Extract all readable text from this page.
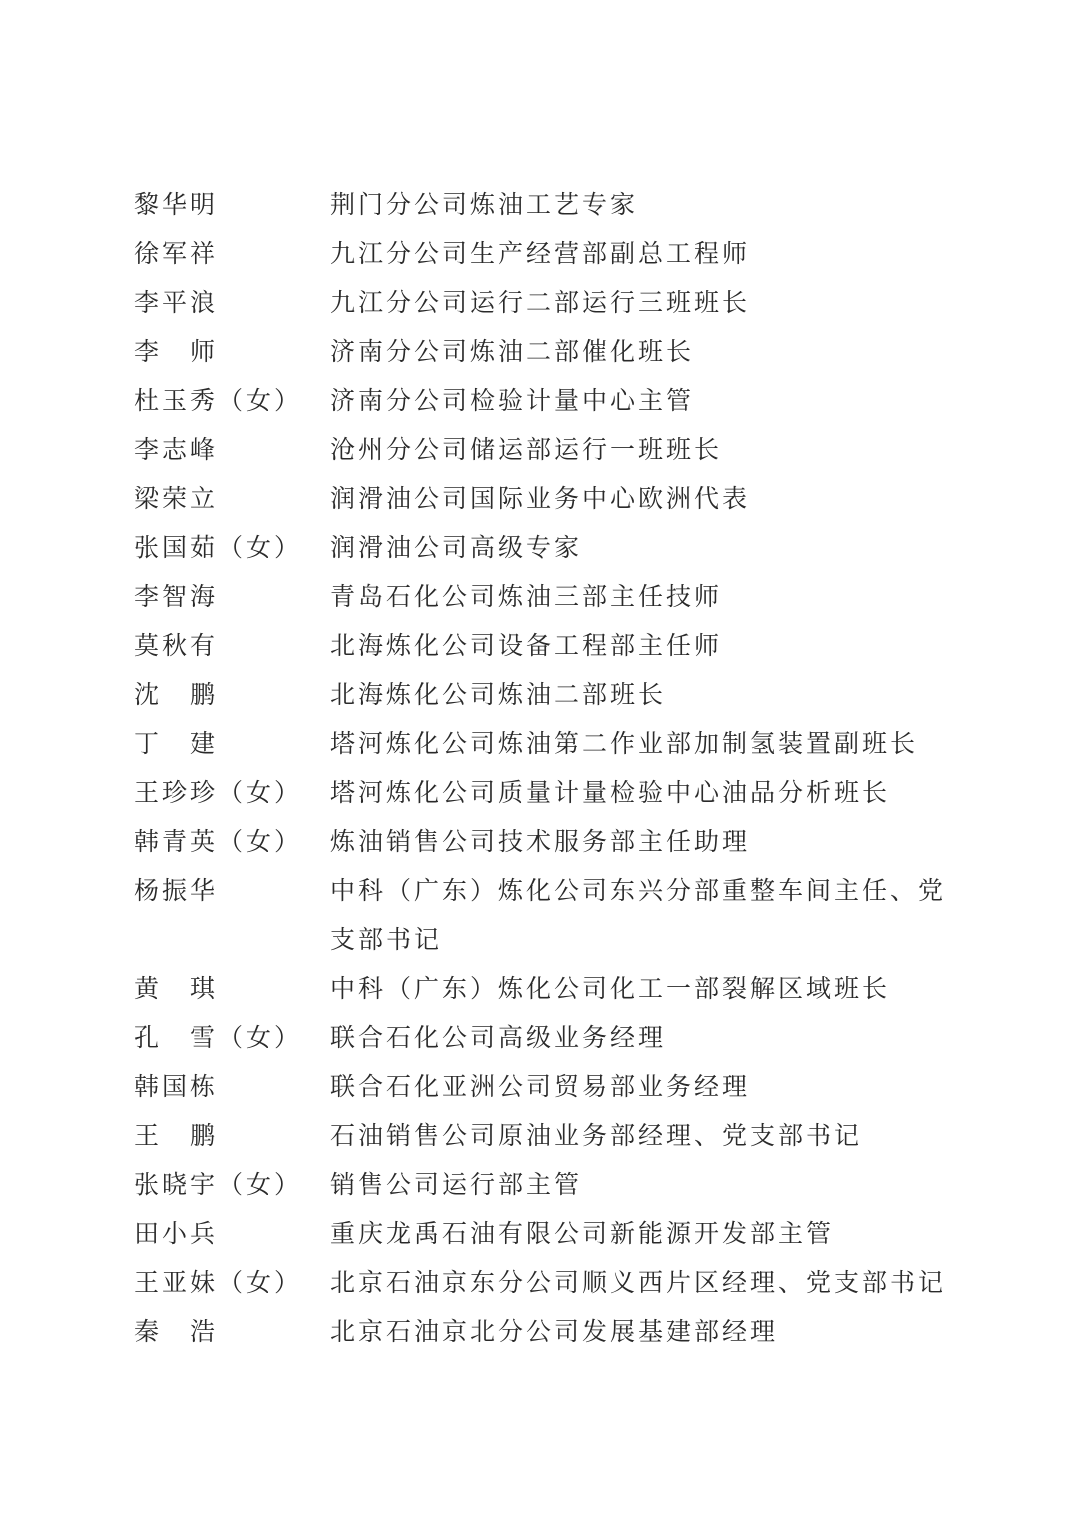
黎华明	荆门分公司炼油工艺专家
徐军祥	九江分公司生产经营部副总工程师
李平浪	九江分公司运行二部运行三班班长
李　师	济南分公司炼油二部催化班长
杜玉秀（女）	济南分公司检验计量中心主管
李志峰	沧州分公司储运部运行一班班长
梁荣立	润滑油公司国际业务中心欧洲代表
张国茹（女）	润滑油公司高级专家
李智海	青岛石化公司炼油三部主任技师
莫秋有	北海炼化公司设备工程部主任师
沈　鹏	北海炼化公司炼油二部班长
丁　建	塔河炼化公司炼油第二作业部加制氢装置副班长
王珍珍（女）	塔河炼化公司质量计量检验中心油品分析班长
韩青英（女）	炼油销售公司技术服务部主任助理
杨振华	中科（广东）炼化公司东兴分部重整车间主任、党支部书记
黄　琪	中科（广东）炼化公司化工一部裂解区域班长
孔　雪（女）	联合石化公司高级业务经理
韩国栋	联合石化亚洲公司贸易部业务经理
王　鹏	石油销售公司原油业务部经理、党支部书记
张晓宇（女）	销售公司运行部主管
田小兵	重庆龙禹石油有限公司新能源开发部主管
王亚妹（女）	北京石油京东分公司顺义西片区经理、党支部书记
秦　浩	北京石油京北分公司发展基建部经理
